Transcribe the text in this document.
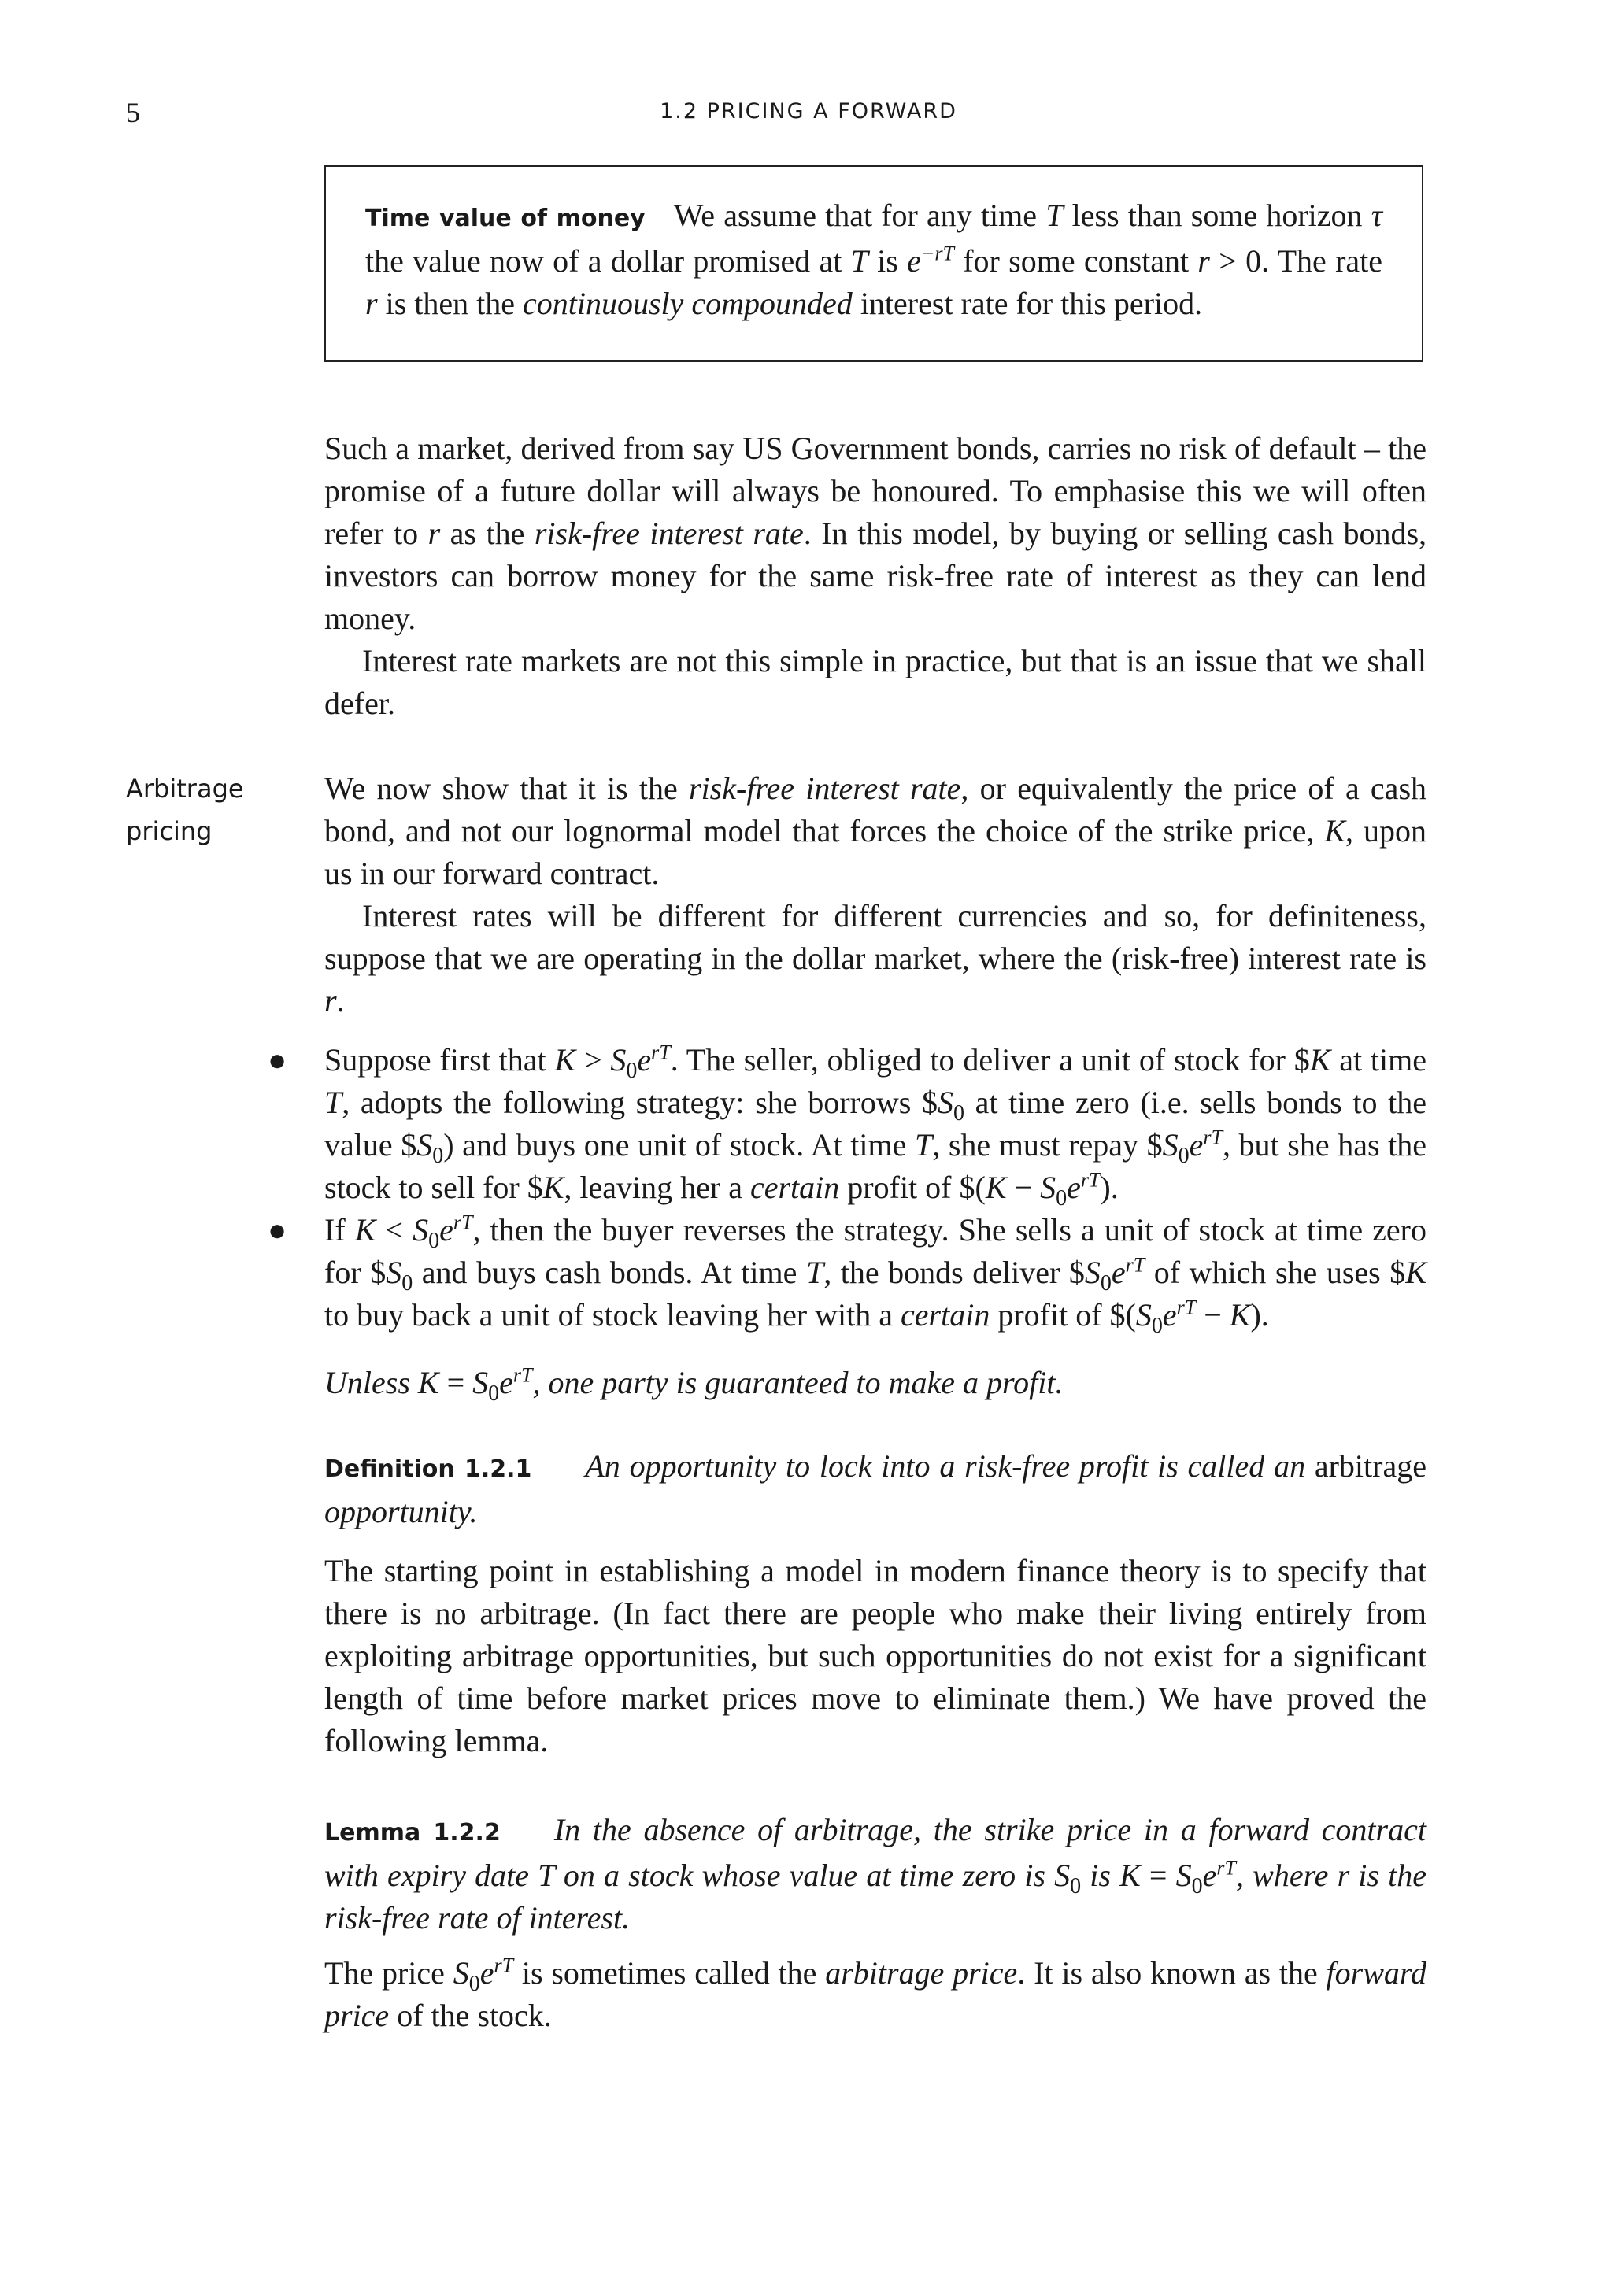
5	1.2 PRICING A FORWARD
Time value of money We assume that for any time T less than some horizon τ the value now of a dollar promised at T is $e^{-rT}$ for some constant r > 0. The rate r is then the continuously compounded interest rate for this period.

Such a market, derived from say US Government bonds, carries no risk of default – the promise of a future dollar will always be honoured. To emphasise this we will often refer to r as the risk-free interest rate. In this model, by buying or selling cash bonds, investors can borrow money for the same risk-free rate of interest as they can lend money.

Interest rate markets are not this simple in practice, but that is an issue that we shall defer.

Arbitrage
pricing

We now show that it is the risk-free interest rate, or equivalently the price of a cash bond, and not our lognormal model that forces the choice of the strike price, K, upon us in our forward contract.

Interest rates will be different for different currencies and so, for definiteness, suppose that we are operating in the dollar market, where the (risk-free) interest rate is r.

● Suppose first that $K > S_0e^{rT}$. The seller, obliged to deliver a unit of stock for $K at time T, adopts the following strategy: she borrows $\$S_0$ at time zero (i.e. sells bonds to the value $\$S_0$) and buys one unit of stock. At time T, she must repay $\$S_0e^{rT}$, but she has the stock to sell for $K, leaving her a certain profit of $(K − $S_0e^{rT}$).

● If $K < S_0e^{rT}$, then the buyer reverses the strategy. She sells a unit of stock at time zero for $\$S_0$ and buys cash bonds. At time T, the bonds deliver $\$S_0e^{rT}$ of which she uses $K to buy back a unit of stock leaving her with a certain profit of $\$(S_0e^{rT} - K)$.

Unless $K = S_0e^{rT}$, one party is guaranteed to make a profit.

Definition 1.2.1 An opportunity to lock into a risk-free profit is called an arbitrage opportunity.

The starting point in establishing a model in modern finance theory is to specify that there is no arbitrage. (In fact there are people who make their living entirely from exploiting arbitrage opportunities, but such opportunities do not exist for a significant length of time before market prices move to eliminate them.) We have proved the following lemma.

Lemma 1.2.2 In the absence of arbitrage, the strike price in a forward contract with expiry date T on a stock whose value at time zero is $S_0$ is $K = S_0e^{rT}$, where r is the risk-free rate of interest.

The price $S_0e^{rT}$ is sometimes called the arbitrage price. It is also known as the forward price of the stock.
